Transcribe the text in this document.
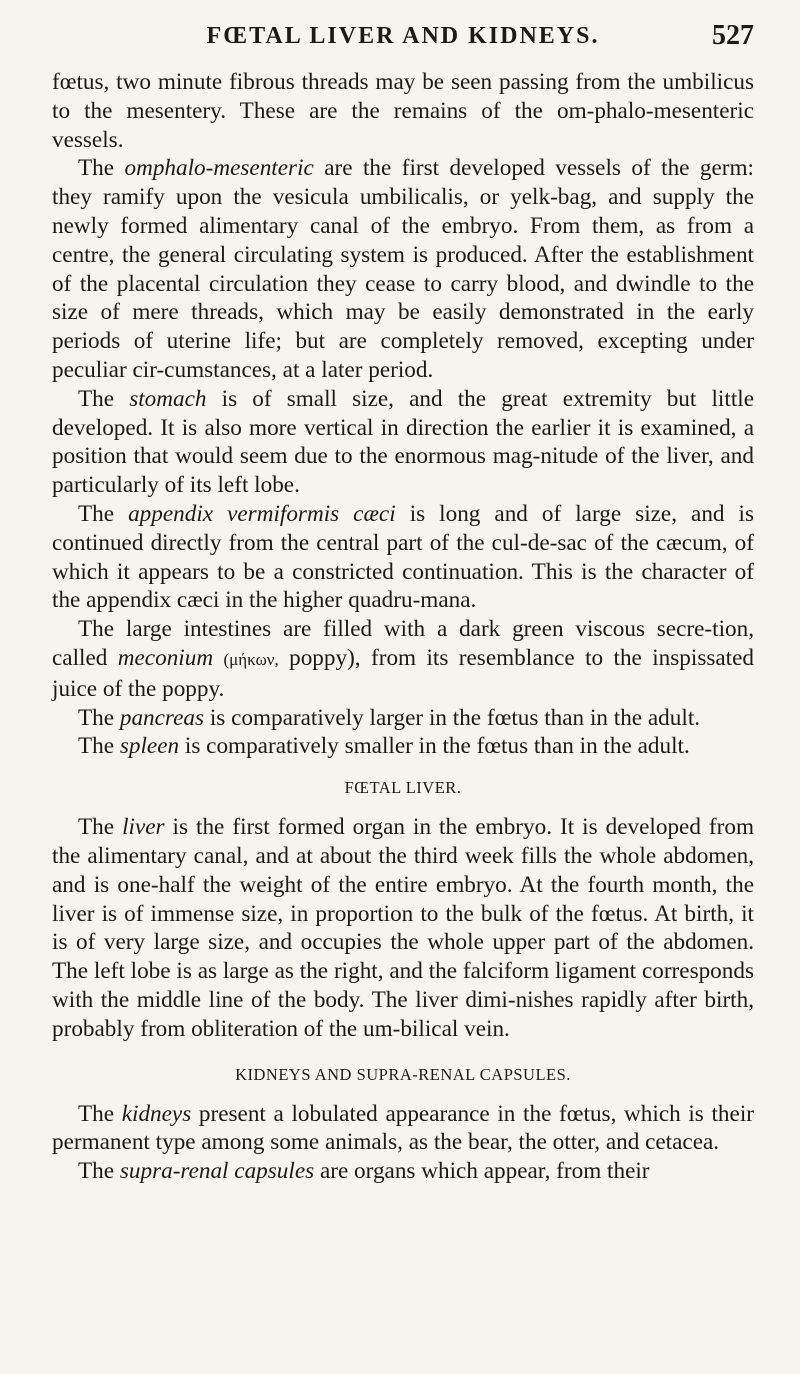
FŒTAL LIVER AND KIDNEYS.	527

fœtus, two minute fibrous threads may be seen passing from the umbilicus to the mesentery. These are the remains of the om-phalo-mesenteric vessels.

The omphalo-mesenteric are the first developed vessels of the germ: they ramify upon the vesicula umbilicalis, or yelk-bag, and supply the newly formed alimentary canal of the embryo. From them, as from a centre, the general circulating system is produced. After the establishment of the placental circulation they cease to carry blood, and dwindle to the size of mere threads, which may be easily demonstrated in the early periods of uterine life; but are completely removed, excepting under peculiar cir-cumstances, at a later period.

The stomach is of small size, and the great extremity but little developed. It is also more vertical in direction the earlier it is examined, a position that would seem due to the enormous mag-nitude of the liver, and particularly of its left lobe.

The appendix vermiformis cæci is long and of large size, and is continued directly from the central part of the cul-de-sac of the cæcum, of which it appears to be a constricted continuation. This is the character of the appendix cæci in the higher quadru-mana.

The large intestines are filled with a dark green viscous secre-tion, called meconium (μήκων, poppy), from its resemblance to the inspissated juice of the poppy.

The pancreas is comparatively larger in the fœtus than in the adult.

The spleen is comparatively smaller in the fœtus than in the adult.

FŒTAL LIVER.

The liver is the first formed organ in the embryo. It is developed from the alimentary canal, and at about the third week fills the whole abdomen, and is one-half the weight of the entire embryo. At the fourth month, the liver is of immense size, in proportion to the bulk of the fœtus. At birth, it is of very large size, and occupies the whole upper part of the abdomen. The left lobe is as large as the right, and the falciform ligament corresponds with the middle line of the body. The liver dimi-nishes rapidly after birth, probably from obliteration of the um-bilical vein.

KIDNEYS AND SUPRA-RENAL CAPSULES.

The kidneys present a lobulated appearance in the fœtus, which is their permanent type among some animals, as the bear, the otter, and cetacea.

The supra-renal capsules are organs which appear, from their
